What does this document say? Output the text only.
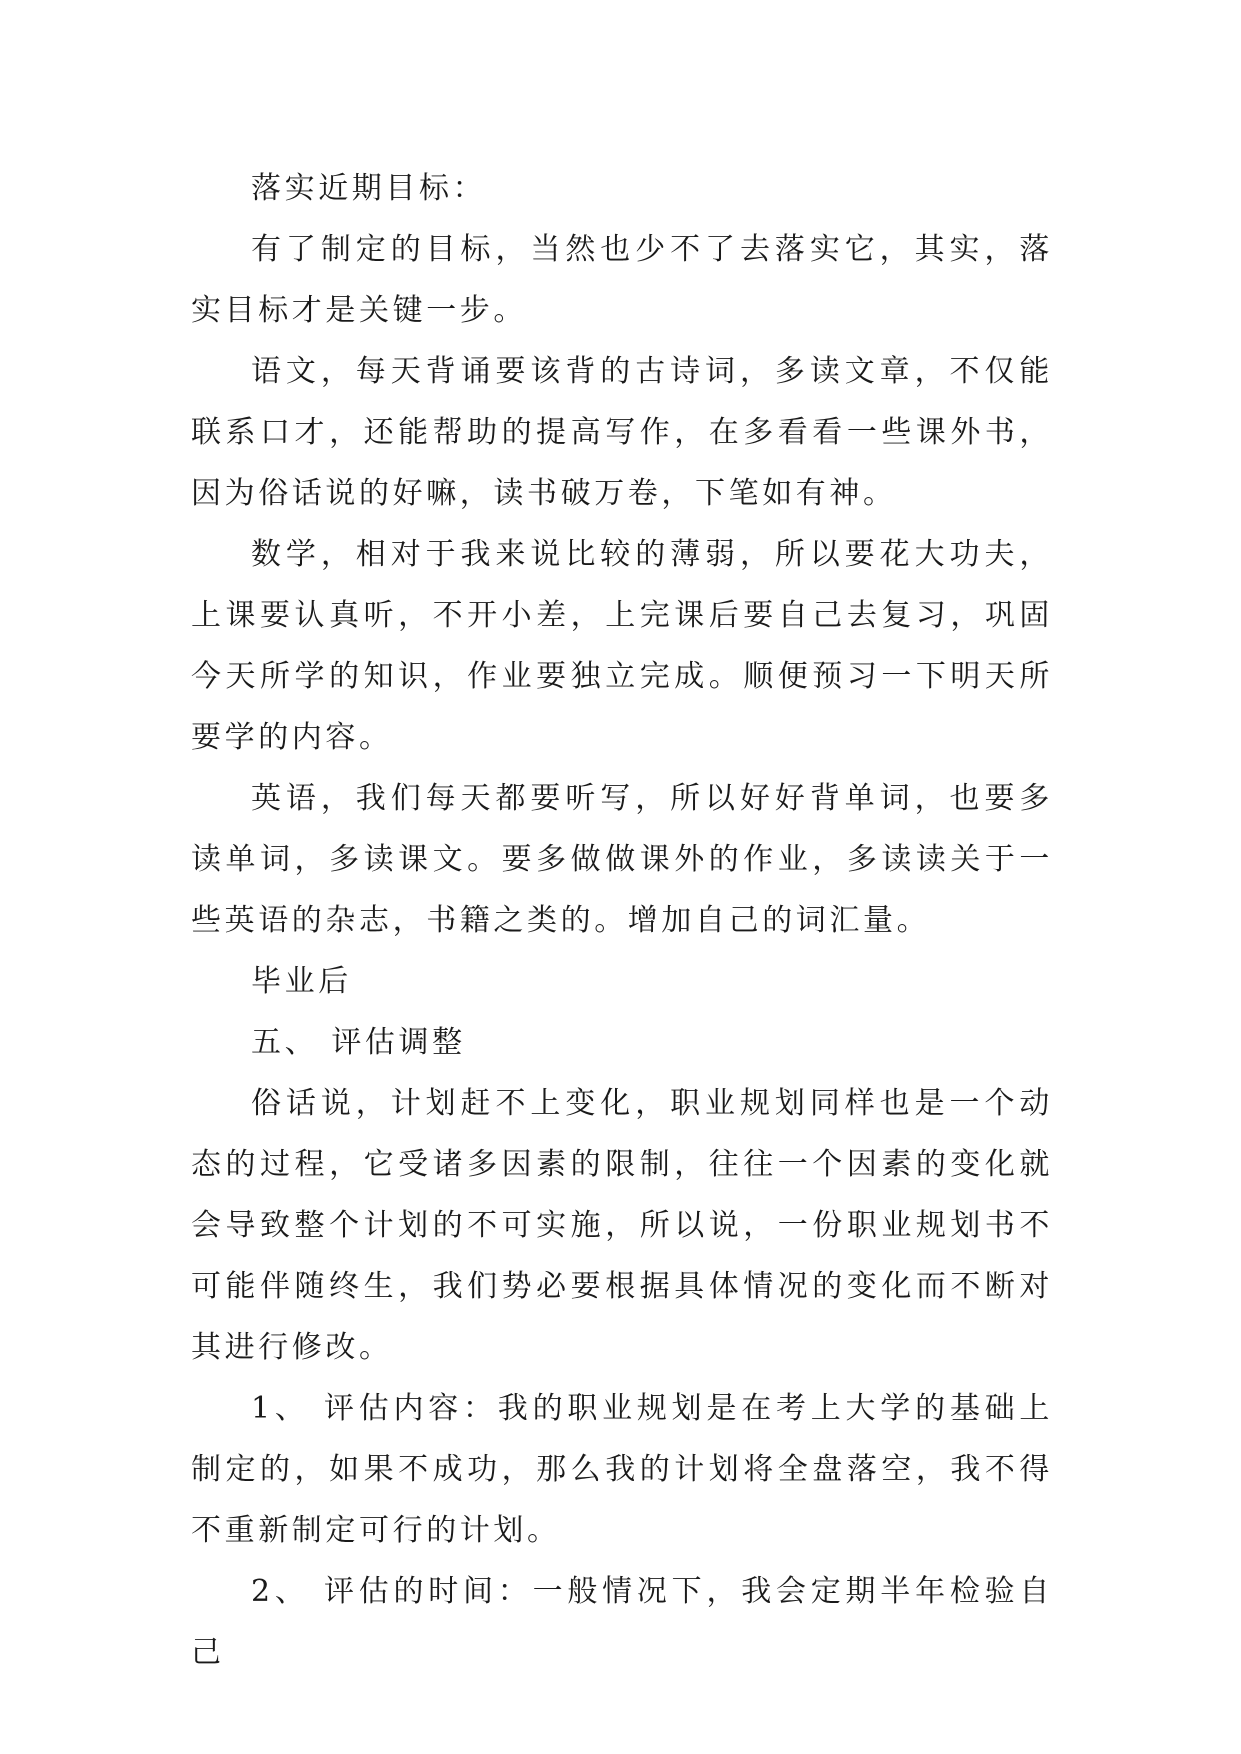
落实近期目标：

有了制定的目标，当然也少不了去落实它，其实，落实目标才是关键一步。

语文，每天背诵要该背的古诗词，多读文章，不仅能联系口才，还能帮助的提高写作，在多看看一些课外书，因为俗话说的好嘛，读书破万卷，下笔如有神。

数学，相对于我来说比较的薄弱，所以要花大功夫，上课要认真听，不开小差，上完课后要自己去复习，巩固今天所学的知识，作业要独立完成。顺便预习一下明天所要学的内容。

英语，我们每天都要听写，所以好好背单词，也要多读单词，多读课文。要多做做课外的作业，多读读关于一些英语的杂志，书籍之类的。增加自己的词汇量。

毕业后

五、 评估调整

俗话说，计划赶不上变化，职业规划同样也是一个动态的过程，它受诸多因素的限制，往往一个因素的变化就会导致整个计划的不可实施，所以说，一份职业规划书不可能伴随终生，我们势必要根据具体情况的变化而不断对其进行修改。

1、 评估内容：我的职业规划是在考上大学的基础上制定的，如果不成功，那么我的计划将全盘落空，我不得不重新制定可行的计划。

2、 评估的时间：一般情况下，我会定期半年检验自己
